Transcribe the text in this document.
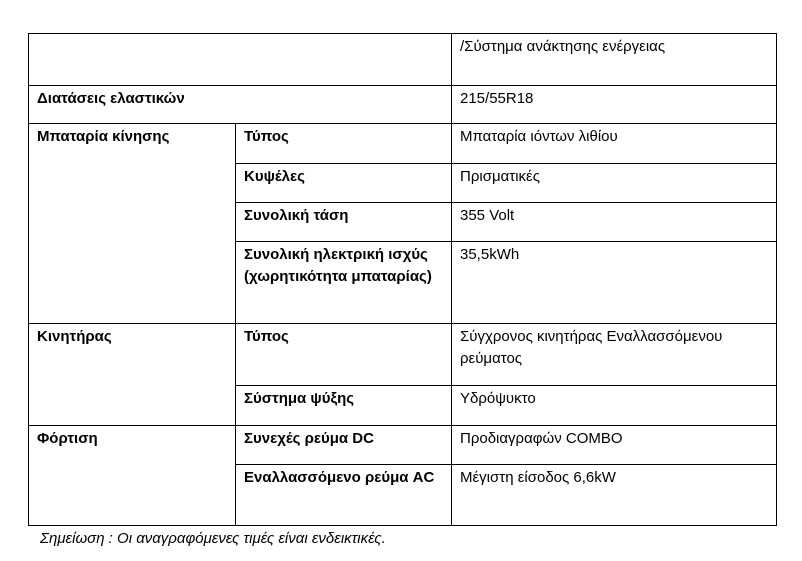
		/Σύστημα ανάκτησης ενέργειας
Διατάσεις ελαστικών		215/55R18
Μπαταρία κίνησης	Τύπος	Μπαταρία ιόντων λιθίου
	Κυψέλες	Πρισματικές
	Συνολική τάση	355 Volt
	Συνολική ηλεκτρική ισχύς (χωρητικότητα μπαταρίας)	35,5kWh
Κινητήρας	Τύπος	Σύγχρονος κινητήρας Εναλλασσόμενου ρεύματος
	Σύστημα ψύξης	Υδρόψυκτο
Φόρτιση	Συνεχές ρεύμα DC	Προδιαγραφών COMBO
	Εναλλασσόμενο ρεύμα AC	Μέγιστη είσοδος 6,6kW
Σημείωση : Οι αναγραφόμενες τιμές είναι ενδεικτικές.
